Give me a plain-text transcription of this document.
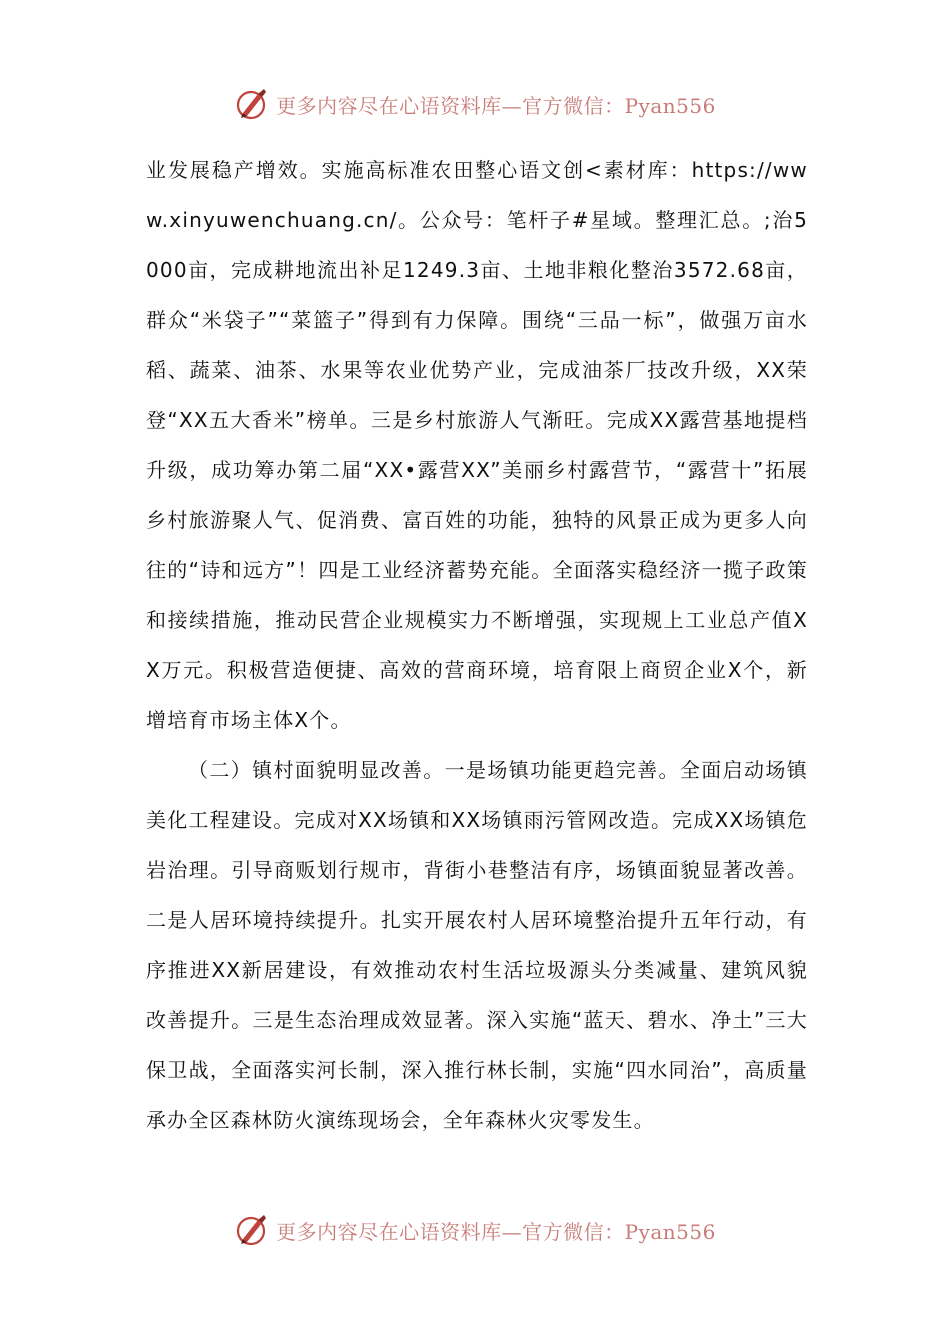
更多内容尽在心语资料库—官方微信：Pyan556

业发展稳产增效。实施高标准农田整心语文创<素材库：https://www.xinyuwenchuang.cn/。公众号：笔杆子#星域。整理汇总。;治5000亩，完成耕地流出补足1249.3亩、土地非粮化整治3572.68亩，群众“米袋子”“菜篮子”得到有力保障。围绕“三品一标”，做强万亩水稻、蔬菜、油茶、水果等农业优势产业，完成油茶厂技改升级，XX荣登“XX五大香米”榜单。三是乡村旅游人气渐旺。完成XX露营基地提档升级，成功筹办第二届“XX•露营XX”美丽乡村露营节，“露营十”拓展乡村旅游聚人气、促消费、富百姓的功能，独特的风景正成为更多人向往的“诗和远方”！四是工业经济蓄势充能。全面落实稳经济一揽子政策和接续措施，推动民营企业规模实力不断增强，实现规上工业总产值XX万元。积极营造便捷、高效的营商环境，培育限上商贸企业X个，新增培育市场主体X个。

（二）镇村面貌明显改善。一是场镇功能更趋完善。全面启动场镇美化工程建设。完成对XX场镇和XX场镇雨污管网改造。完成XX场镇危岩治理。引导商贩划行规市，背街小巷整洁有序，场镇面貌显著改善。二是人居环境持续提升。扎实开展农村人居环境整治提升五年行动，有序推进XX新居建设，有效推动农村生活垃圾源头分类减量、建筑风貌改善提升。三是生态治理成效显著。深入实施“蓝天、碧水、净土”三大保卫战，全面落实河长制，深入推行林长制，实施“四水同治”，高质量承办全区森林防火演练现场会，全年森林火灾零发生。

更多内容尽在心语资料库—官方微信：Pyan556
